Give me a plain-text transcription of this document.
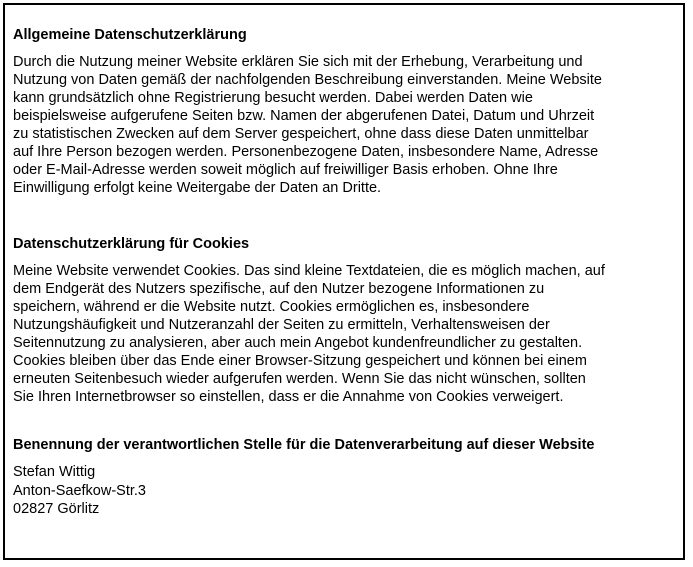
Allgemeine Datenschutzerklärung

Durch die Nutzung meiner Website erklären Sie sich mit der Erhebung, Verarbeitung und
Nutzung von Daten gemäß der nachfolgenden Beschreibung einverstanden. Meine Website
kann grundsätzlich ohne Registrierung besucht werden. Dabei werden Daten wie
beispielsweise aufgerufene Seiten bzw. Namen der abgerufenen Datei, Datum und Uhrzeit
zu statistischen Zwecken auf dem Server gespeichert, ohne dass diese Daten unmittelbar
auf Ihre Person bezogen werden. Personenbezogene Daten, insbesondere Name, Adresse
oder E-Mail-Adresse werden soweit möglich auf freiwilliger Basis erhoben. Ohne Ihre
Einwilligung erfolgt keine Weitergabe der Daten an Dritte.

Datenschutzerklärung für Cookies

Meine Website verwendet Cookies. Das sind kleine Textdateien, die es möglich machen, auf
dem Endgerät des Nutzers spezifische, auf den Nutzer bezogene Informationen zu
speichern, während er die Website nutzt. Cookies ermöglichen es, insbesondere
Nutzungshäufigkeit und Nutzeranzahl der Seiten zu ermitteln, Verhaltensweisen der
Seitennutzung zu analysieren, aber auch mein Angebot kundenfreundlicher zu gestalten.
Cookies bleiben über das Ende einer Browser-Sitzung gespeichert und können bei einem
erneuten Seitenbesuch wieder aufgerufen werden. Wenn Sie das nicht wünschen, sollten
Sie Ihren Internetbrowser so einstellen, dass er die Annahme von Cookies verweigert.

Benennung der verantwortlichen Stelle für die Datenverarbeitung auf dieser Website
Stefan Wittig
Anton-Saefkow-Str.3
02827 Görlitz
